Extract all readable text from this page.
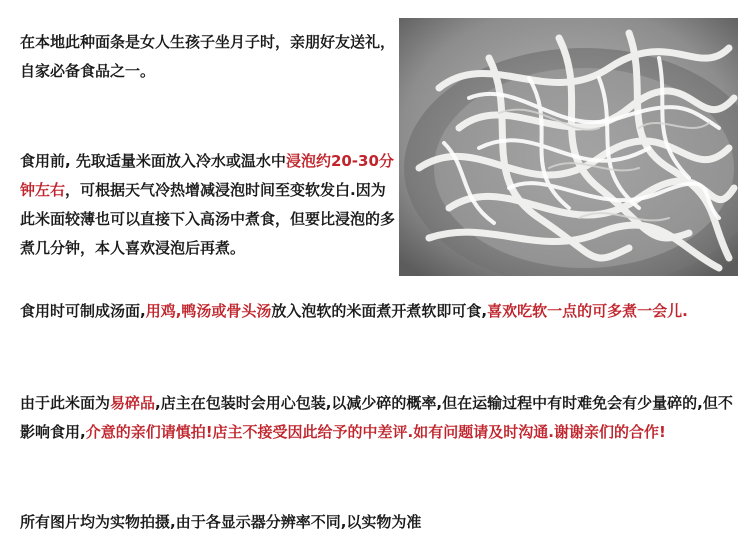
在本地此种面条是女人生孩子坐月子时，亲朋好友送礼，自家必备食品之一。

食用前, 先取适量米面放入冷水或温水中浸泡约20-30分钟左右，可根据天气冷热增减浸泡时间至变软发白.因为此米面较薄也可以直接下入高汤中煮食，但要比浸泡的多煮几分钟，本人喜欢浸泡后再煮。

食用时可制成汤面,用鸡,鸭汤或骨头汤放入泡软的米面煮开煮软即可食,喜欢吃软一点的可多煮一会儿.

由于此米面为易碎品,店主在包装时会用心包装,以减少碎的概率,但在运输过程中有时难免会有少量碎的,但不影响食用,介意的亲们请慎拍!店主不接受因此给予的中差评.如有问题请及时沟通.谢谢亲们的合作!

所有图片均为实物拍摄,由于各显示器分辨率不同,以实物为准
